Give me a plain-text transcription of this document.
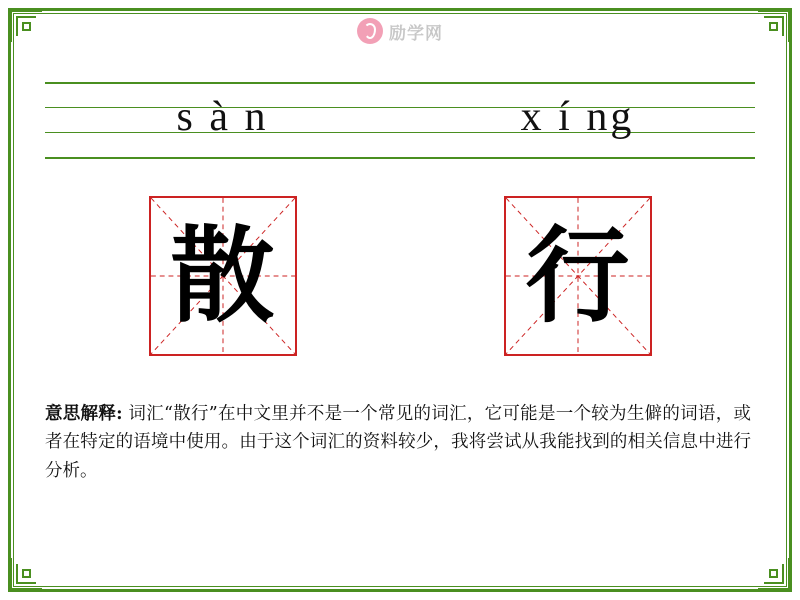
励学网
s à n	x í ng
散 行
意思解释: 词汇“散行”在中文里并不是一个常见的词汇，它可能是一个较为生僻的词语，或者在特定的语境中使用。由于这个词汇的资料较少，我将尝试从我能找到的相关信息中进行分析。
